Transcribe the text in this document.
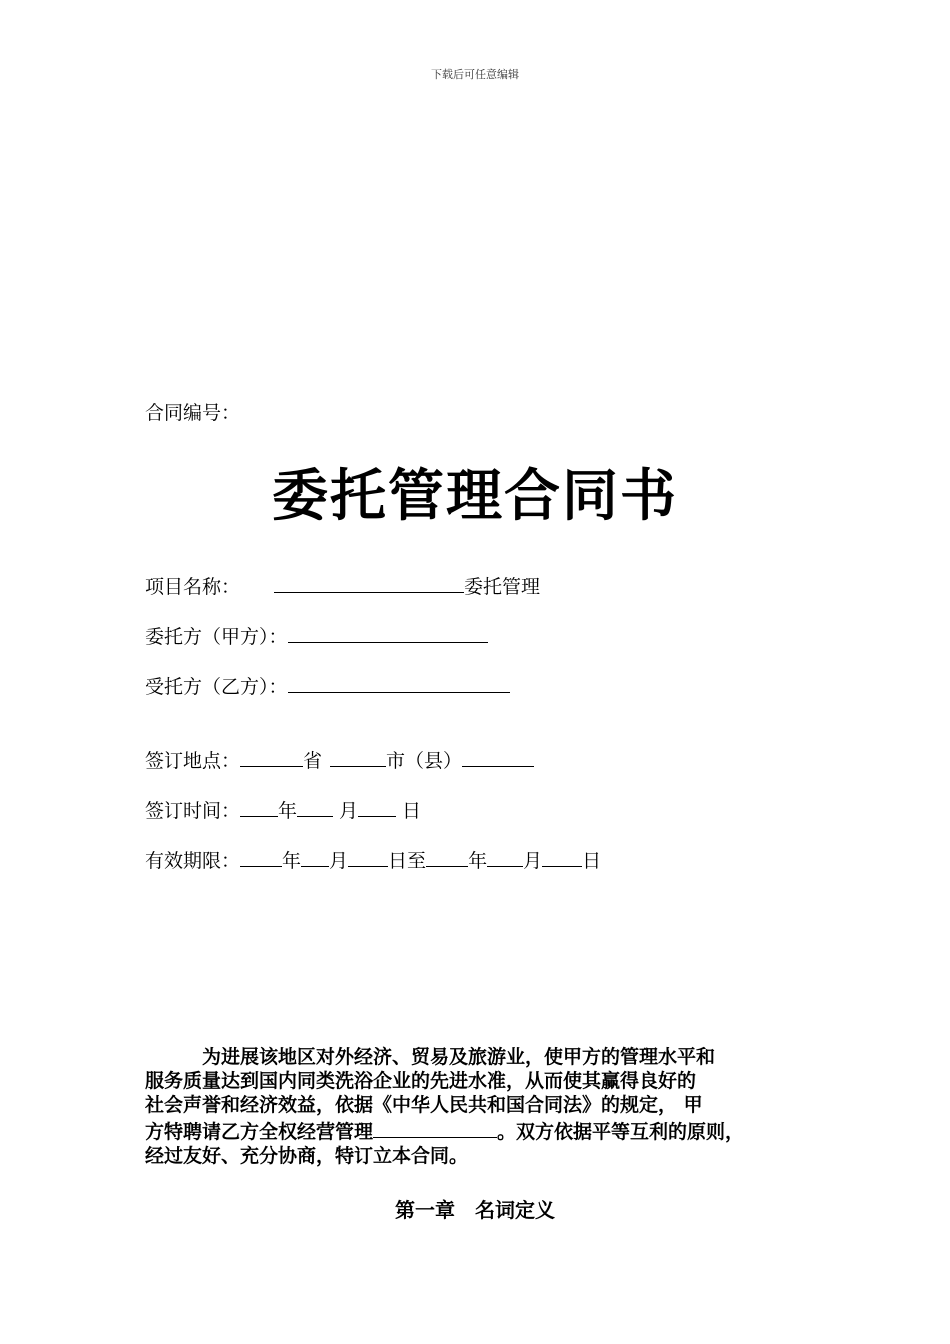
下载后可任意编辑
合同编号：
委托管理合同书
项目名称：	委托管理
委托方（甲方）：
受托方（乙方）：
签订地点：	省	市（县）
签订时间： 年 月 日
有效期限： 年 月 日至 年 月 日

为进展该地区对外经济、贸易及旅游业，使甲方的管理水平和

服务质量达到国内同类洗浴企业的先进水准，从而使其赢得良好的

社会声誉和经济效益，依据《中华人民共和国合同法》的规定， 甲

方特聘请乙方全权经营管理	。双方依据平等互利的原则，

经过友好、充分协商，特订立本合同。

第一章　名词定义
